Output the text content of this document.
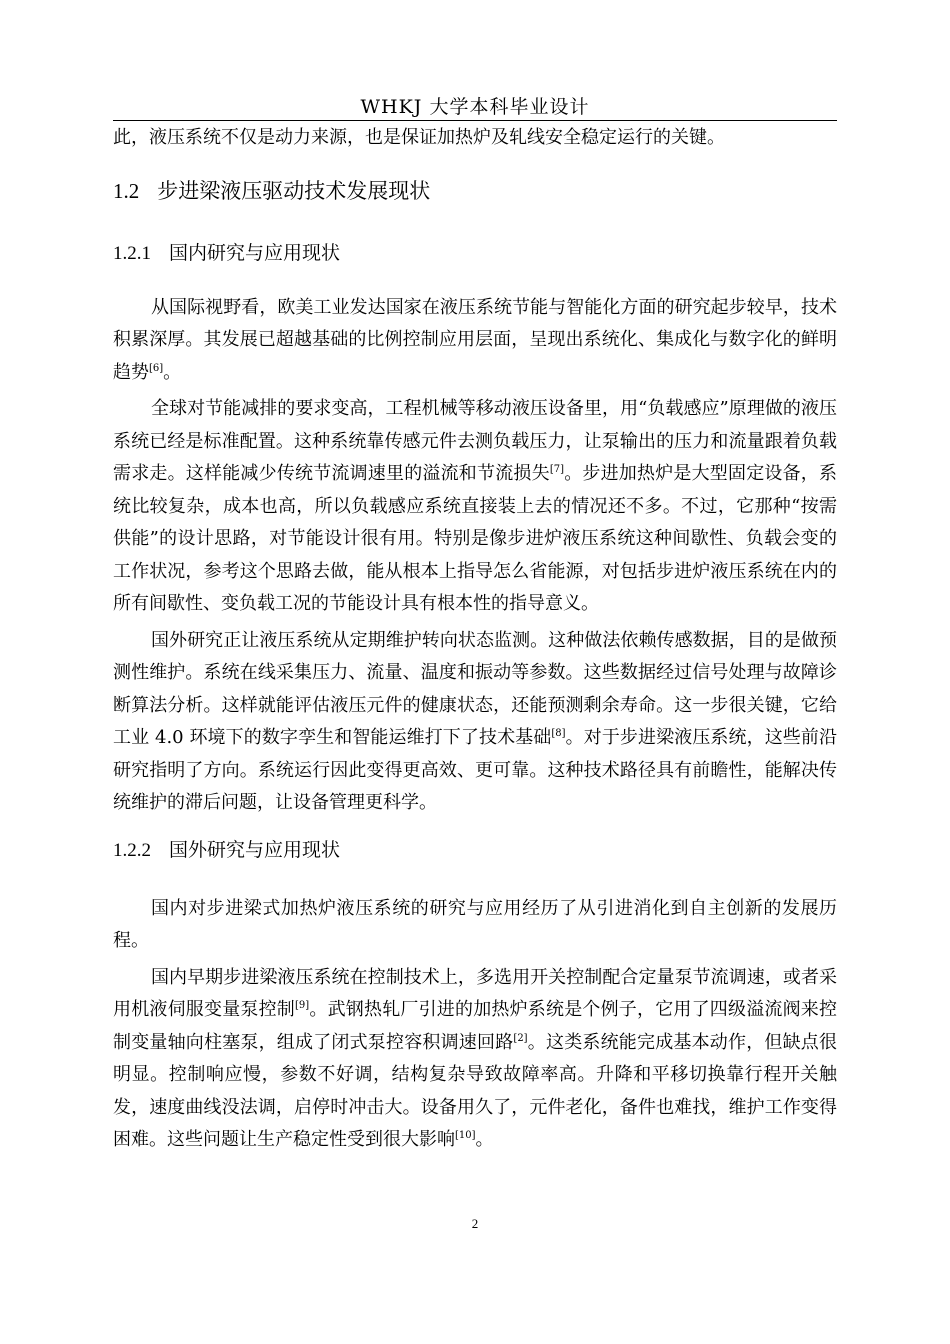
WHKJ 大学本科毕业设计

此，液压系统不仅是动力来源，也是保证加热炉及轧线安全稳定运行的关键。

1.2 步进梁液压驱动技术发展现状
1.2.1 国内研究与应用现状

从国际视野看，欧美工业发达国家在液压系统节能与智能化方面的研究起步较早，技术积累深厚。其发展已超越基础的比例控制应用层面，呈现出系统化、集成化与数字化的鲜明趋势[6]。

全球对节能减排的要求变高，工程机械等移动液压设备里，用“负载感应”原理做的液压系统已经是标准配置。这种系统靠传感元件去测负载压力，让泵输出的压力和流量跟着负载需求走。这样能减少传统节流调速里的溢流和节流损失[7]。步进加热炉是大型固定设备，系统比较复杂，成本也高，所以负载感应系统直接装上去的情况还不多。不过，它那种“按需供能”的设计思路，对节能设计很有用。特别是像步进炉液压系统这种间歇性、负载会变的工作状况，参考这个思路去做，能从根本上指导怎么省能源，对包括步进炉液压系统在内的所有间歇性、变负载工况的节能设计具有根本性的指导意义。

国外研究正让液压系统从定期维护转向状态监测。这种做法依赖传感数据，目的是做预测性维护。系统在线采集压力、流量、温度和振动等参数。这些数据经过信号处理与故障诊断算法分析。这样就能评估液压元件的健康状态，还能预测剩余寿命。这一步很关键，它给工业 4.0 环境下的数字孪生和智能运维打下了技术基础[8]。对于步进梁液压系统，这些前沿研究指明了方向。系统运行因此变得更高效、更可靠。这种技术路径具有前瞻性，能解决传统维护的滞后问题，让设备管理更科学。

1.2.2 国外研究与应用现状

国内对步进梁式加热炉液压系统的研究与应用经历了从引进消化到自主创新的发展历程。

国内早期步进梁液压系统在控制技术上，多选用开关控制配合定量泵节流调速，或者采用机液伺服变量泵控制[9]。武钢热轧厂引进的加热炉系统是个例子，它用了四级溢流阀来控制变量轴向柱塞泵，组成了闭式泵控容积调速回路[2]。这类系统能完成基本动作，但缺点很明显。控制响应慢，参数不好调，结构复杂导致故障率高。升降和平移切换靠行程开关触发，速度曲线没法调，启停时冲击大。设备用久了，元件老化，备件也难找，维护工作变得困难。这些问题让生产稳定性受到很大影响[10]。

2
